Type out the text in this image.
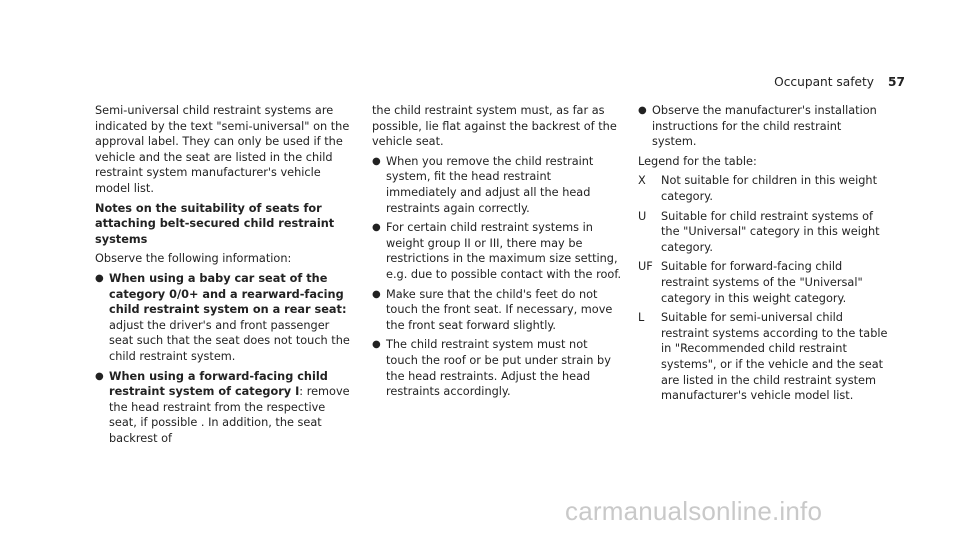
Occupant safety 57

Semi-universal child restraint systems are indicated by the text "semi-universal" on the approval label. They can only be used if the vehicle and the seat are listed in the child restraint system manufacturer's vehicle model list.

Notes on the suitability of seats for attaching belt-secured child restraint systems

Observe the following information:

● When using a baby car seat of the category 0/0+ and a rearward-facing child restraint system on a rear seat: adjust the driver's and front passenger seat such that the seat does not touch the child restraint system.
● When using a forward-facing child restraint system of category I: remove the head restraint from the respective seat, if possible . In addition, the seat backrest of

the child restraint system must, as far as possible, lie flat against the backrest of the vehicle seat.

● When you remove the child restraint system, fit the head restraint immediately and adjust all the head restraints again correctly.
● For certain child restraint systems in weight group II or III, there may be restrictions in the maximum size setting, e.g. due to possible contact with the roof.
● Make sure that the child's feet do not touch the front seat. If necessary, move the front seat forward slightly.
● The child restraint system must not touch the roof or be put under strain by the head restraints. Adjust the head restraints accordingly.
● Observe the manufacturer's installation instructions for the child restraint system.

Legend for the table:

X	Not suitable for children in this weight category.
U	Suitable for child restraint systems of the "Universal" category in this weight category.
UF Suitable for forward-facing child restraint systems of the "Universal" category in this weight category.
L	Suitable for semi-universal child restraint systems according to the table in "Recommended child restraint systems", or if the vehicle and the seat are listed in the child restraint system manufacturer's vehicle model list.
carmanualsonline.info
